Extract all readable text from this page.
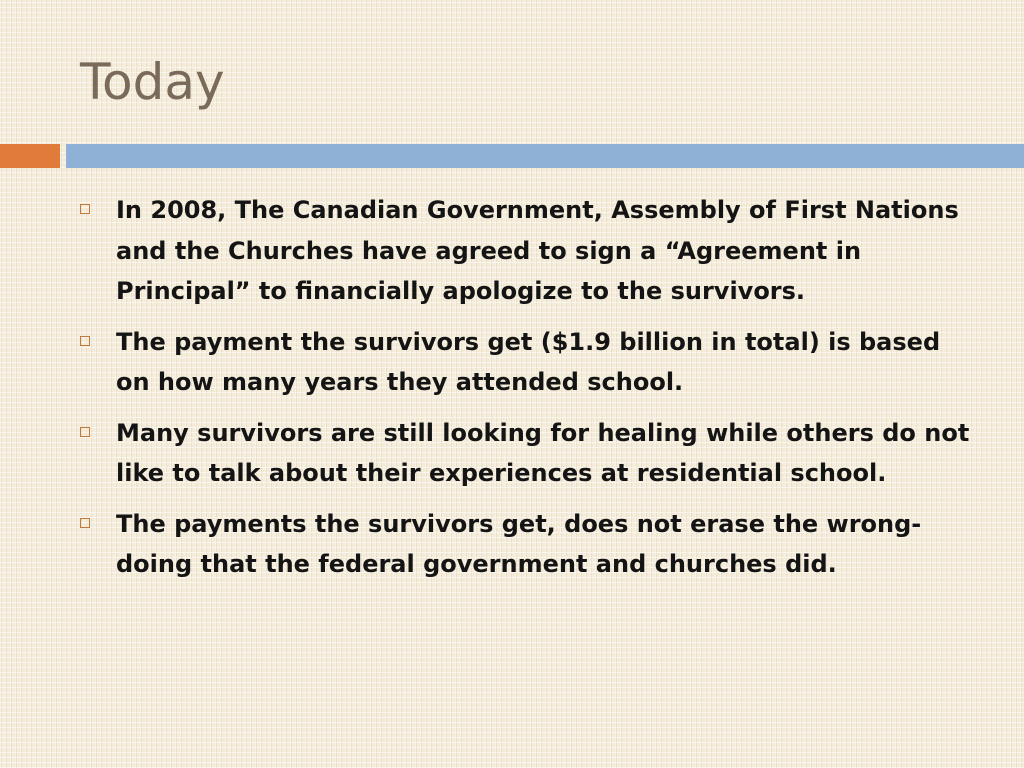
Today
In 2008, The Canadian Government, Assembly of First Nations and the Churches have agreed to sign a “Agreement in Principal” to financially apologize to the survivors.
The payment the survivors get ($1.9 billion in total) is based on how many years they attended school.
Many survivors are still looking for healing while others do not like to talk about their experiences at residential school.
The payments the survivors get, does not erase the wrong-doing that the federal government and churches did.
